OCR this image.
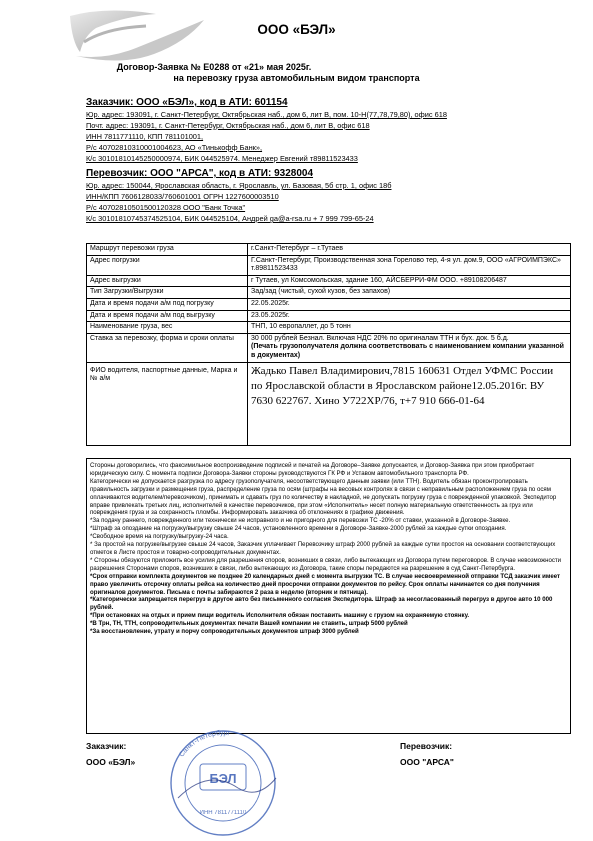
ООО «БЭЛ»
Договор-Заявка № Е0288 от «21» мая 2025г.
на перевозку груза автомобильным видом транспорта
Заказчик: ООО «БЭЛ», код в АТИ: 601154
Юр. адрес: 193091, г. Санкт-Петербург, Октябрьская наб., дом 6, лит В, пом. 10-Н(77,78,79,80), офис 618
Почт. адрес: 193091, г. Санкт-Петербург, Октябрьская наб., дом 6, лит В, офис 618
ИНН 7811771110, КПП 781101001,
Р/с 40702810310001004623, АО «Тинькофф Банк»,
К/с 30101810145250000974, БИК 044525974. Менеджер Евгений т89811523433
Перевозчик: ООО "АРСА", код в АТИ: 9328004
Юр. адрес: 150044, Ярославская область, г. Ярославль, ул. Базовая, 5б стр. 1, офис 18б
ИНН/КПП 7606128033/760601001 ОГРН 1227600003510
Р/с 40702810501500120328 ООО "Банк Точка"
К/с 30101810745374525104, БИК 044525104, Андрей ga@a-rsa.ru + 7 999 799-65-24
Маршрут перевозки груза	г.Санкт-Петербург – г.Тутаев
Адрес погрузки	Г.Санкт-Петербург, Производственная зона Горелово тер, 4-я ул. дом.9, ООО «АГРОИМПЭКС» т.89811523433
Адрес выгрузки	г Тутаев, ул Комсомольская, здание 160, АЙСБЕРРИ-ФМ ООО. +89108206487
Тип Загрузки/Выгрузки	Зад/зад (чистый, сухой кузов, без запахов)
Дата и время подачи а/м под погрузку	22.05.2025г.
Дата и время подачи а/м под выгрузку	23.05.2025г.
Наименование груза, вес	ТНП, 10 европаллет, до 5 тонн
Ставка за перевозку, форма и сроки оплаты	30 000 рублей Безнал. Включая НДС 20% по оригиналам ТТН и бух. док. 5 б.д.
(Печать грузополучателя должна соответствовать с наименованием компании указанной в документах)
ФИО водителя, паспортные данные, Марка и № а/м	Жадько Павел Владимирович,7815 160631 Отдел УФМС России по Ярославской области в Ярославском районе12.05.2016г. ВУ 7630 622767. Хино У722ХР/76, т+7 910 666-01-64

Стороны договорились, что факсимильное воспроизведение подписей и печатей на Договоре–Заявке допускается, и Договор-Заявка при этом приобретает юридическую силу. С момента подписи Договора-Заявки стороны руководствуются ГК РФ и Уставом автомобильного транспорта РФ.

Категорически не допускается разгрузка по адресу грузополучателя, несоответствующего данным заявки (или ТТН). Водитель обязан проконтролировать правильность загрузки и размещения груза, распределение груза по осям (штрафы на весовых контролях в связи с неправильным расположением груза по осям оплачиваются водителем/перевозчиком), принимать и сдавать груз по количеству в накладной, не допускать погрузку груза с поврежденной упаковкой. Экспедитор вправе привлекать третьих лиц, исполнителей в качестве перевозчиков, при этом «Исполнитель» несет полную материальную ответственность за груз или повреждения груза и за сохранность пломбы. Информировать заказчика об отклонениях в графике движения.

*За подачу раннего, поврежденного или технически не исправного и не пригодного для перевозки ТС -20% от ставки, указанной в Договоре-Заявке.

*Штраф за опоздание на погрузку/выгрузку свыше 24 часов, установленного времени в Договоре-Заявке-2000 рублей за каждые сутки опоздания.

*Свободное время на погрузку/выгрузку-24 часа.

* За простой на погрузке/выгрузке свыше 24 часов, Заказчик уплачивает Перевозчику штраф 2000 рублей за каждые сутки простоя на основании соответствующих отметок в Листе простоя и товарно-сопроводительных документах.

* Стороны обязуются приложить все усилия для разрешения споров, возникших в связи, либо вытекающих из Договора путем переговоров. В случае невозможности разрешения Сторонами споров, возникших в связи, либо вытекающих из Договора, такие споры передаются на разрешение в суд Санкт-Петербурга.

*Срок отправки комплекта документов не позднее 20 календарных дней с момента выгрузки ТС. В случае несвоевременной отправки ТСД заказчик имеет право увеличить отсрочку оплаты рейса на количество дней просрочки отправки документов по рейсу. Срок оплаты начинается со дня получения оригиналов документов. Письма с почты забираются 2 раза в неделю (вторник и пятница).

*Категорически запрещается перегруз в другое авто без письменного согласия Экспедитора. Штраф за несогласованный перегруз в другое авто 10 000 рублей.

*При остановках на отдых и прием пищи водитель Исполнителя обязан поставить машину с грузом на охраняемую стоянку.

*В Трн, ТН, ТТН, сопроводительных документах печати Вашей компании не ставить, штраф 5000 рублей

*За восстановление, утрату и порчу сопроводительных документов штраф 3000 рублей

Санкт-Петербург
БЭЛ
ИНН 7811771110
Заказчик:
ООО «БЭЛ»
Перевозчик:
ООО "АРСА"
